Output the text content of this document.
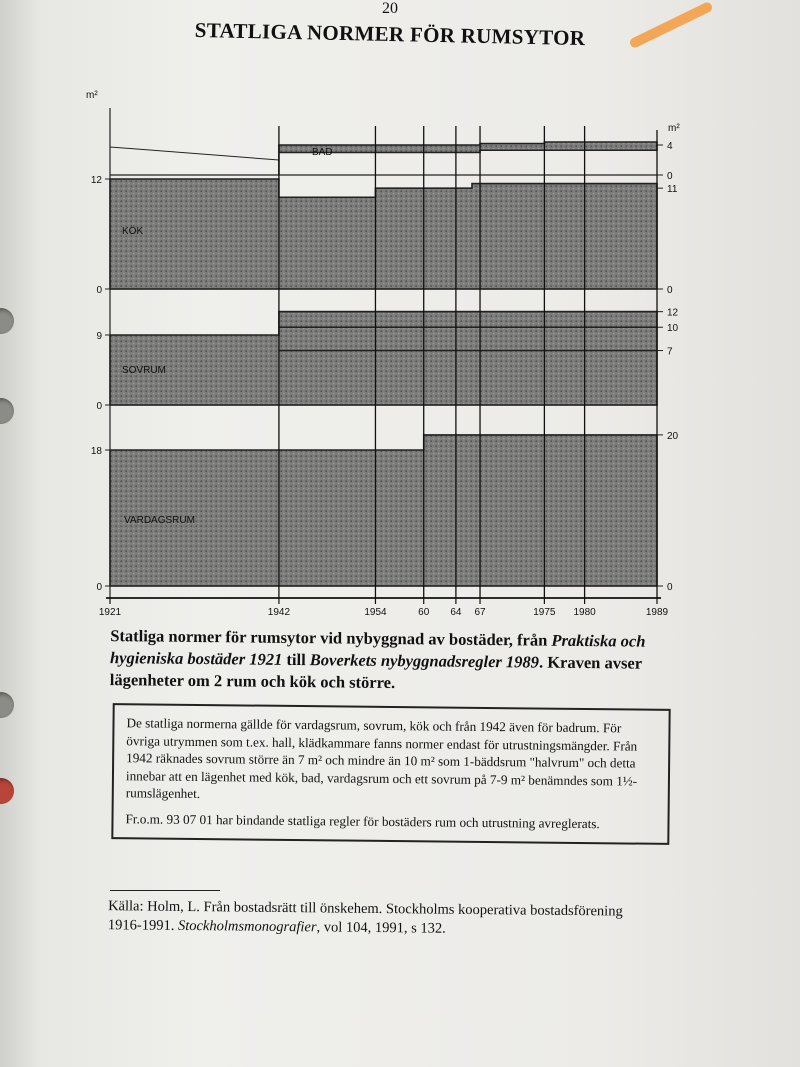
20
STATLIGA NORMER FÖR RUMSYTOR
m²
m²
BAD
4
0
KÖK
12
0
11
0
SOVRUM
9
0
12
10
7
VARDAGSRUM
18
0
20
0
1921	1942	1954	60 64 67	1975 1980	1989
Statliga normer för rumsytor vid nybyggnad av bostäder, från Praktiska och hygieniska bostäder 1921 till Boverkets nybyggnadsregler 1989. Kraven avser lägenheter om 2 rum och kök och större.

De statliga normerna gällde för vardagsrum, sovrum, kök och från 1942 även för badrum. För övriga utrymmen som t.ex. hall, klädkammare fanns normer endast för utrustningsmängder. Från 1942 räknades sovrum större än 7 m² och mindre än 10 m² som 1-bäddsrum "halvrum" och detta innebar att en lägenhet med kök, bad, vardagsrum och ett sovrum på 7-9 m² benämndes som 1½-rumslägenhet.

Fr.o.m. 93 07 01 har bindande statliga regler för bostäders rum och utrustning avreglerats.

Källa: Holm, L. Från bostadsrätt till önskehem. Stockholms kooperativa bostadsförening 1916-1991. Stockholmsmonografier, vol 104, 1991, s 132.
